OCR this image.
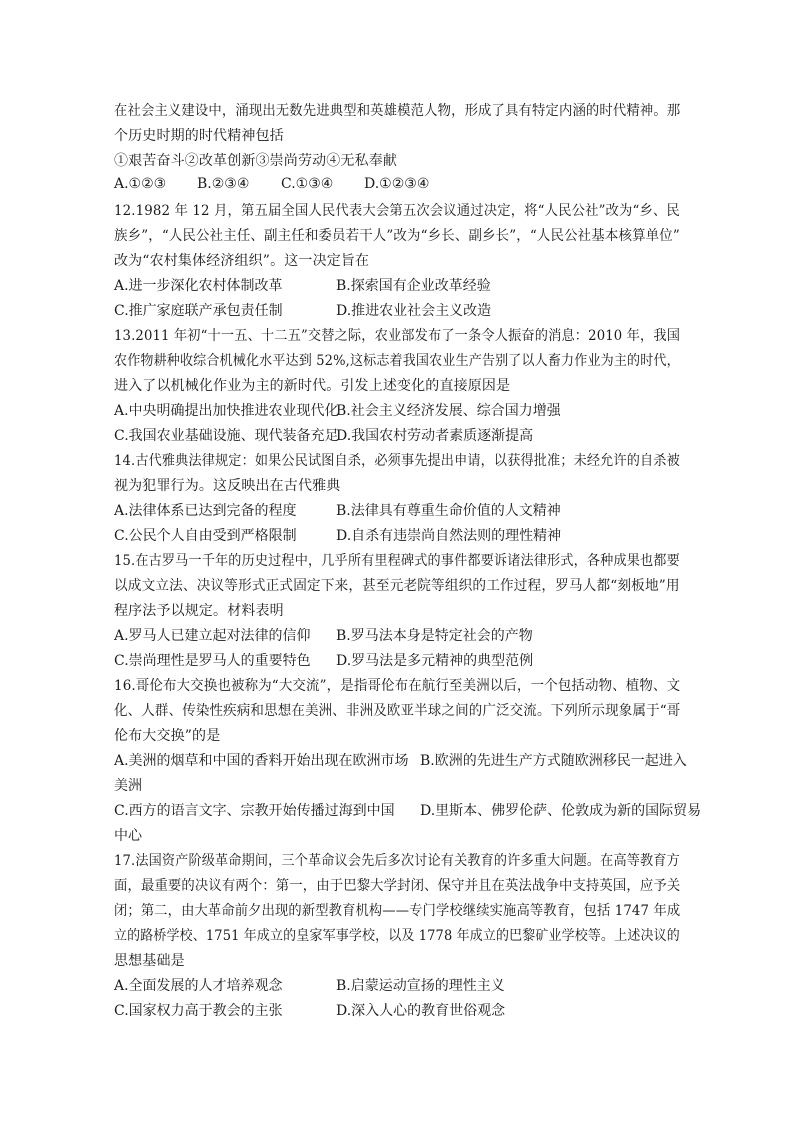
在社会主义建设中，涌现出无数先进典型和英雄模范人物，形成了具有特定内涵的时代精神。那
个历史时期的时代精神包括
①艰苦奋斗②改革创新③崇尚劳动④无私奉献
A.①②③ B.②③④ C.①③④ D.①②③④
12.1982 年 12 月，第五届全国人民代表大会第五次会议通过决定，将“人民公社”改为“乡、民
族乡”，“人民公社主任、副主任和委员若干人”改为“乡长、副乡长”，“人民公社基本核算单位”
改为“农村集体经济组织”。这一决定旨在
A.进一步深化农村体制改革	B.探索国有企业改革经验
C.推广家庭联产承包责任制	D.推进农业社会主义改造
13.2011 年初“十一五、十二五”交替之际，农业部发布了一条令人振奋的消息：2010 年，我国
农作物耕种收综合机械化水平达到 52%,这标志着我国农业生产告别了以人畜力作业为主的时代，
进入了以机械化作业为主的新时代。引发上述变化的直接原因是
A.中央明确提出加快推进农业现代化
B.社会主义经济发展、综合国力增强
C.我国农业基础设施、现代装备充足
D.我国农村劳动者素质逐渐提高
14.古代雅典法律规定：如果公民试图自杀，必须事先提出申请，以获得批准；未经允许的自杀被
视为犯罪行为。这反映出在古代雅典
A.法律体系已达到完备的程度	B.法律具有尊重生命价值的人文精神
C.公民个人自由受到严格限制	D.自杀有违崇尚自然法则的理性精神
15.在古罗马一千年的历史过程中，几乎所有里程碑式的事件都要诉诸法律形式，各种成果也都要
以成文立法、决议等形式正式固定下来，甚至元老院等组织的工作过程，罗马人都“刻板地”用
程序法予以规定。材料表明
A.罗马人已建立起对法律的信仰 B.罗马法本身是特定社会的产物
C.崇尚理性是罗马人的重要特色 D.罗马法是多元精神的典型范例
16.哥伦布大交换也被称为“大交流”，是指哥伦布在航行至美洲以后，一个包括动物、植物、文
化、人群、传染性疾病和思想在美洲、非洲及欧亚半球之间的广泛交流。下列所示现象属于“哥
伦布大交换”的是
A.美洲的烟草和中国的香料开始出现在欧洲市场 B.欧洲的先进生产方式随欧洲移民一起进入
美洲
C.西方的语言文字、宗教开始传播过海到中国 D.里斯本、佛罗伦萨、伦敦成为新的国际贸易
中心
17.法国资产阶级革命期间，三个革命议会先后多次讨论有关教育的许多重大问题。在高等教育方
面，最重要的决议有两个：第一，由于巴黎大学封闭、保守并且在英法战争中支持英国，应予关
闭；第二，由大革命前夕出现的新型教育机构——专门学校继续实施高等教育，包括 1747 年成
立的路桥学校、1751 年成立的皇家军事学校，以及 1778 年成立的巴黎矿业学校等。上述决议的
思想基础是
A.全面发展的人才培养观念	B.启蒙运动宣扬的理性主义
C.国家权力高于教会的主张	D.深入人心的教育世俗观念
